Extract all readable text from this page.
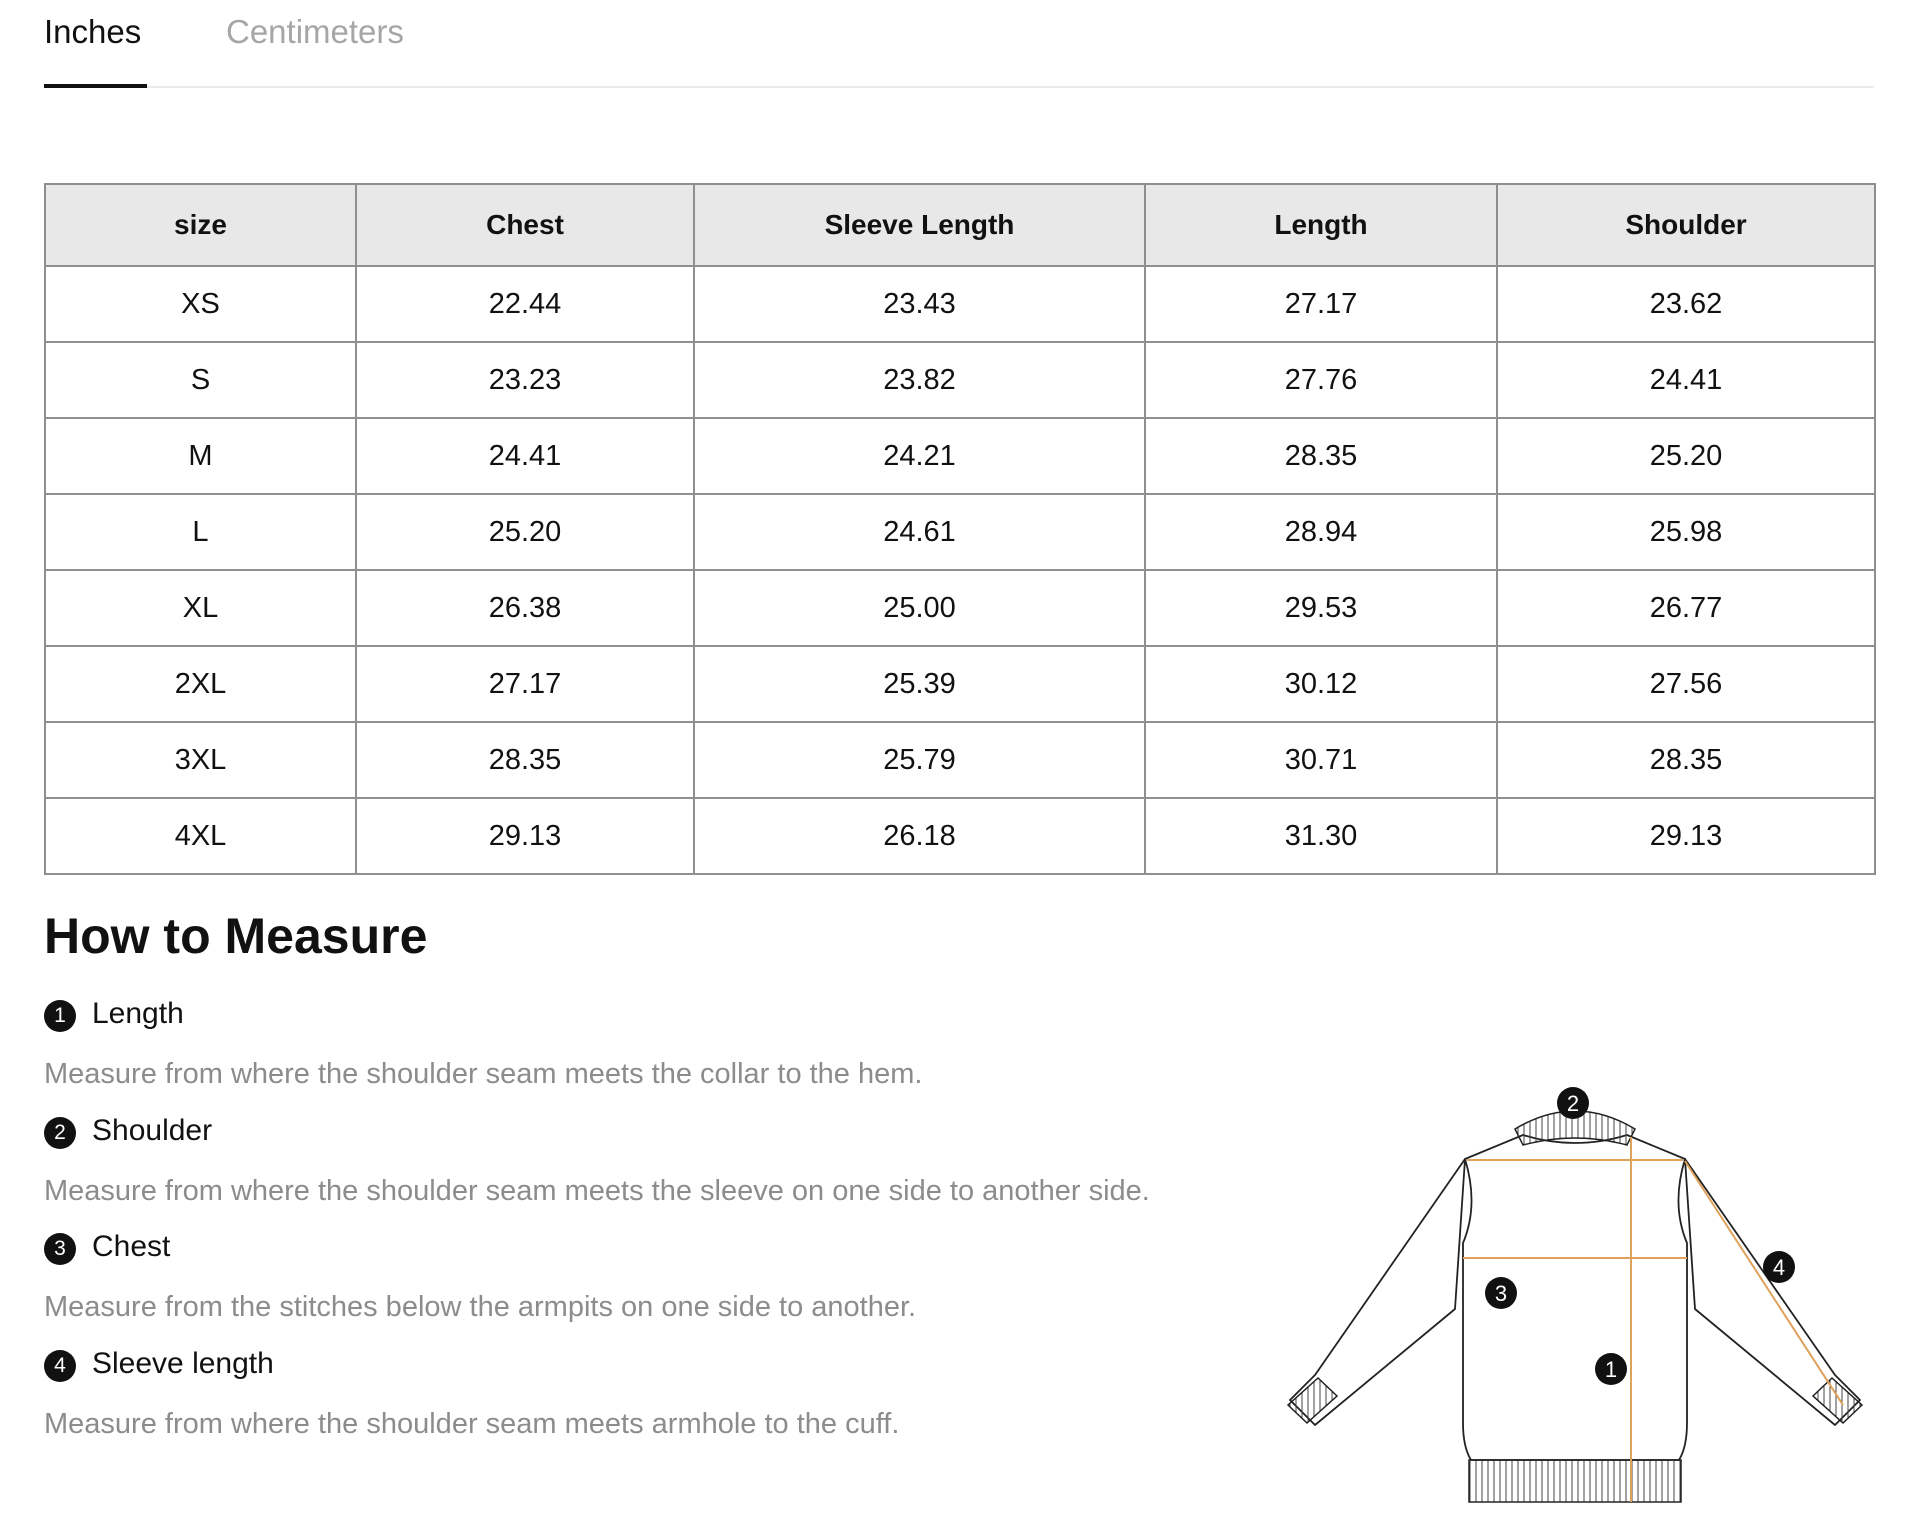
Inches	Centimeters
size	Chest	Sleeve Length	Length	Shoulder
XS	22.44	23.43	27.17	23.62
S	23.23	23.82	27.76	24.41
M	24.41	24.21	28.35	25.20
L	25.20	24.61	28.94	25.98
XL	26.38	25.00	29.53	26.77
2XL	27.17	25.39	30.12	27.56
3XL	28.35	25.79	30.71	28.35
4XL	29.13	26.18	31.30	29.13
How to Measure
1 Length
Measure from where the shoulder seam meets the collar to the hem.
2 Shoulder
Measure from where the shoulder seam meets the sleeve on one side to another side.
3 Chest
Measure from the stitches below the armpits on one side to another.
4 Sleeve length
Measure from where the shoulder seam meets armhole to the cuff.
2
3
1
4
